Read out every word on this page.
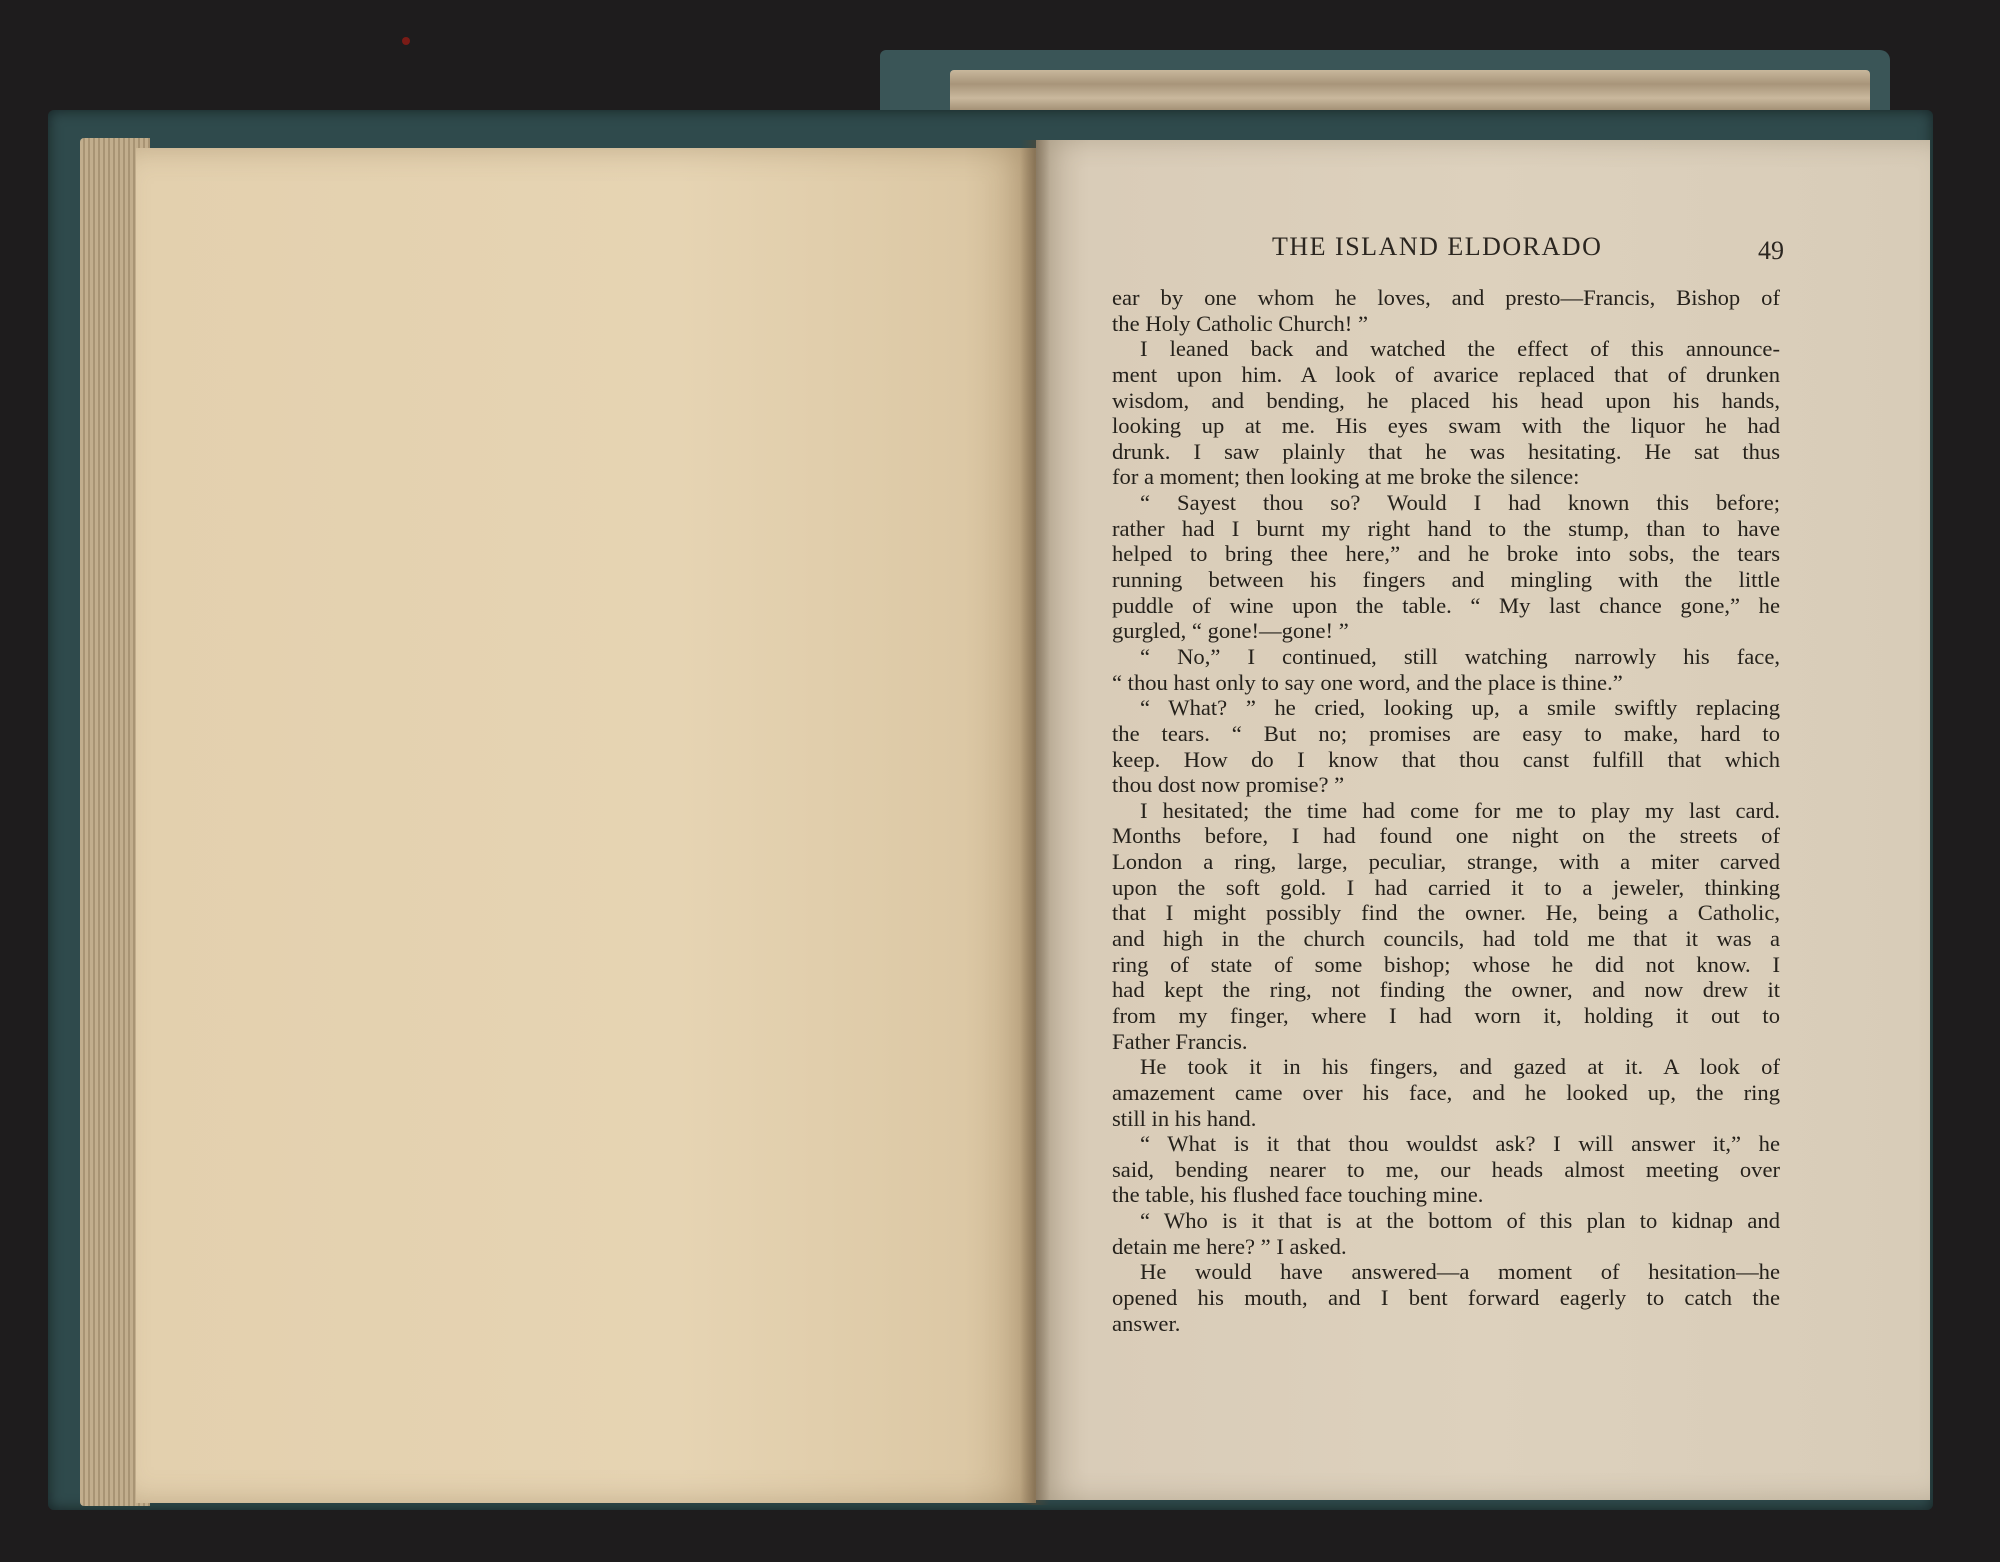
THE ISLAND ELDORADO	49
ear by one whom he loves, and presto—Francis, Bishop of
the Holy Catholic Church! ”
I leaned back and watched the effect of this announce-
ment upon him. A look of avarice replaced that of drunken
wisdom, and bending, he placed his head upon his hands,
looking up at me. His eyes swam with the liquor he had
drunk. I saw plainly that he was hesitating. He sat thus
for a moment; then looking at me broke the silence:
“ Sayest thou so? Would I had known this before;
rather had I burnt my right hand to the stump, than to have
helped to bring thee here,” and he broke into sobs, the tears
running between his fingers and mingling with the little
puddle of wine upon the table. “ My last chance gone,” he
gurgled, “ gone!—gone! ”
“ No,” I continued, still watching narrowly his face,
“ thou hast only to say one word, and the place is thine.”
“ What? ” he cried, looking up, a smile swiftly replacing
the tears. “ But no; promises are easy to make, hard to
keep. How do I know that thou canst fulfill that which
thou dost now promise? ”
I hesitated; the time had come for me to play my last card.
Months before, I had found one night on the streets of
London a ring, large, peculiar, strange, with a miter carved
upon the soft gold. I had carried it to a jeweler, thinking
that I might possibly find the owner. He, being a Catholic,
and high in the church councils, had told me that it was a
ring of state of some bishop; whose he did not know. I
had kept the ring, not finding the owner, and now drew it
from my finger, where I had worn it, holding it out to
Father Francis.
He took it in his fingers, and gazed at it. A look of
amazement came over his face, and he looked up, the ring
still in his hand.
“ What is it that thou wouldst ask? I will answer it,” he
said, bending nearer to me, our heads almost meeting over
the table, his flushed face touching mine.
“ Who is it that is at the bottom of this plan to kidnap and
detain me here? ” I asked.
He would have answered—a moment of hesitation—he
opened his mouth, and I bent forward eagerly to catch the
answer.
